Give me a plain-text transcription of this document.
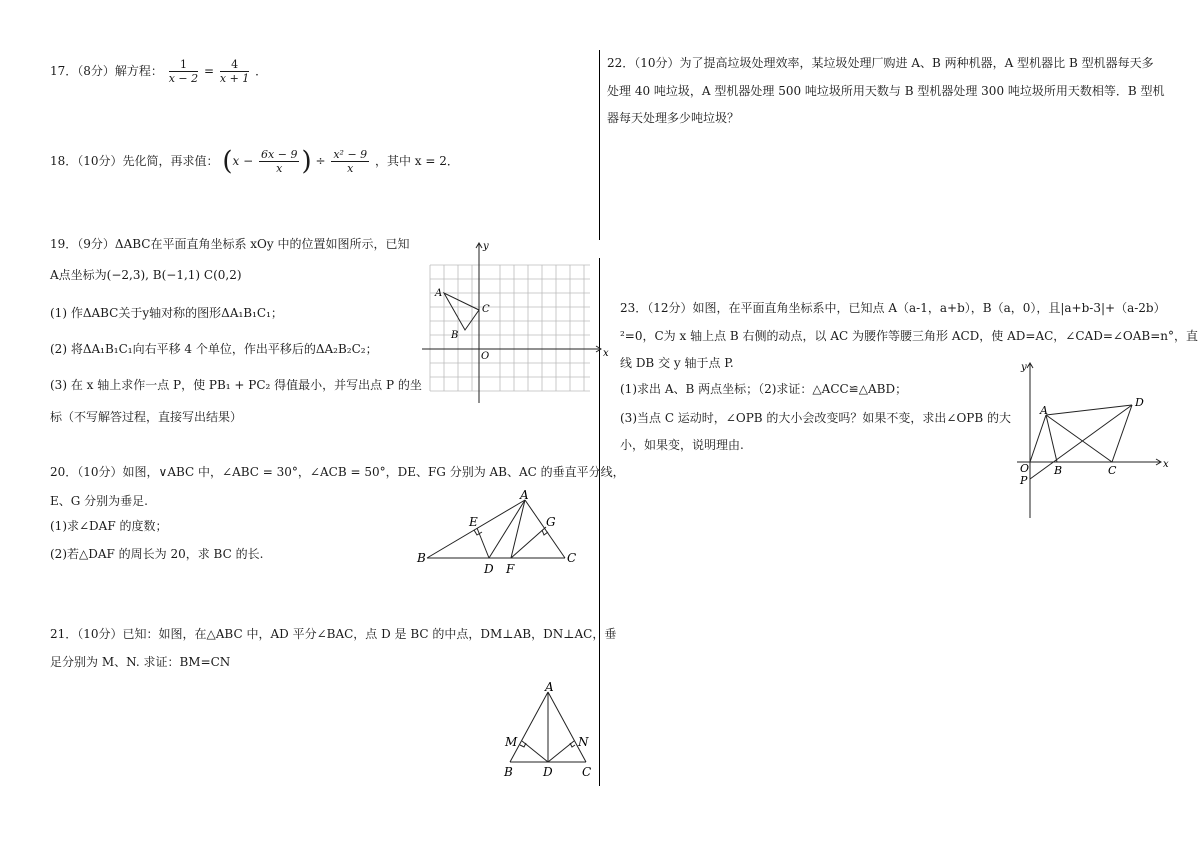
17．（8分）解方程： $\frac{1}{x - 2} = \frac{4}{x + 1}$ ．
18．（10分）先化简，再求值： ($x - \frac{6x - 9}{x}$ ) ÷ $\frac{\text{x² − 9}}{x}$ ，其中 x = 2．
19．（9分）ΔABC在平面直角坐标系 xOy 中的位置如图所示，已知
A点坐标为(−2,3), B(−1,1) C(0,2)
(1) 作ΔABC关于y轴对称的图形ΔA₁B₁C₁；
(2) 将ΔA₁B₁C₁向右平移 4 个单位，作出平移后的ΔA₂B₂C₂；
(3) 在 x 轴上求作一点 P，使 PB₁ + PC₂ 得值最小，并写出点 P 的坐
标（不写解答过程，直接写出结果）
x
y
O
A
B
C
20．（10分）如图，∨ABC 中，∠ABC = 30°，∠ACB = 50°，DE、FG 分别为 AB、AC 的垂直平分线，
E、G 分别为垂足.
(1)求∠DAF 的度数；
(2)若△DAF 的周长为 20，求 BC 的长.
A
B	C
D
E
F
G
21．（10分）已知：如图，在△ABC 中，AD 平分∠BAC，点 D 是 BC 的中点，DM⊥AB，DN⊥AC，垂
足分别为 M、N. 求证：BM=CN
A
B	C
D
M	N
22．（10分）为了提高垃圾处理效率，某垃圾处理厂购进 A、B 两种机器，A 型机器比 B 型机器每天多
处理 40 吨垃圾，A 型机器处理 500 吨垃圾所用天数与 B 型机器处理 300 吨垃圾所用天数相等．B 型机
器每天处理多少吨垃圾？
23．（12分）如图，在平面直角坐标系中，已知点 A（a-1，a+b），B（a，0），且|a+b-3|+（a-2b）
²=0，C为 x 轴上点 B 右侧的动点，以 AC 为腰作等腰三角形 ACD，使 AD=AC，∠CAD=∠OAB=n°，直
线 DB 交 y 轴于点 P.
(1)求出 A、B 两点坐标；（2)求证：△ACC≌△ABD；
(3)当点 C 运动时，∠OPB 的大小会改变吗？如果不变，求出∠OPB 的大
小，如果变，说明理由.
x
y
O
A
B	C
D
P
